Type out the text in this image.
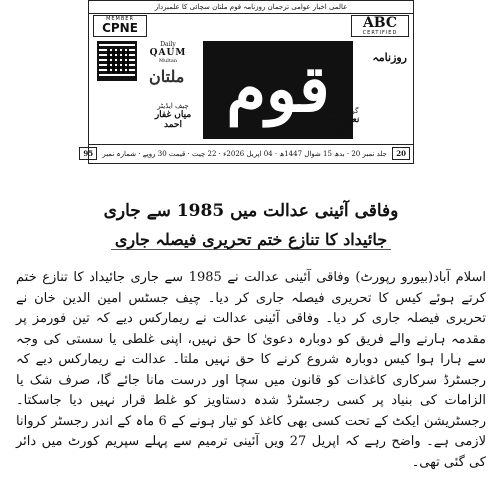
عالمی اخبار عوامی ترجمان روزنامہ قوم ملتان سچائی کا علمبردار
MEMBER
CPNE	ABC
CERTIFIED
Daily
QAUM
Multan قوم	روزنامہ
ملتان
چیف ایڈیٹر
میاں غفار احمد
گروپ ایڈیٹر
نعیم احمد شیخ
20 جلد نمبر 20 · بدھ 15 شوال 1447ھ · 04 اپریل 2026ء · 22 چیت · قیمت 30 روپے · شمارہ نمبر 95
وفاقی آئینی عدالت میں 1985 سے جاری
جائیداد کا تنازع ختم تحریری فیصلہ جاری
اسلام آباد(بیورو رپورٹ) وفاقی آئینی عدالت نے 1985 سے جاری جائیداد کا تنازع ختم کرتے ہوئے کیس کا تحریری فیصلہ جاری کر دیا۔ چیف جسٹس امین الدین خان نے تحریری فیصلہ جاری کر دیا۔ وفاقی آئینی عدالت نے ریمارکس دیے کہ تین فورمز پر مقدمہ ہارنے والے فریق کو دوبارہ دعویٰ کا حق نہیں، اپنی غلطی یا سستی کی وجہ سے ہارا ہوا کیس دوبارہ شروع کرنے کا حق نہیں ملتا۔ عدالت نے ریمارکس دیے کہ رجسٹرڈ سرکاری کاغذات کو قانون میں سچا اور درست مانا جائے گا، صرف شک یا الزامات کی بنیاد پر کسی رجسٹرڈ شدہ دستاویز کو غلط قرار نہیں دیا جاسکتا۔ رجسٹریشن ایکٹ کے تحت کسی بھی کاغذ کو تیار ہونے کے 6 ماہ کے اندر رجسٹر کروانا لازمی ہے۔ واضح رہے کہ اپریل 27 ویں آئینی ترمیم سے پہلے سپریم کورٹ میں دائر کی گئی تھی۔
